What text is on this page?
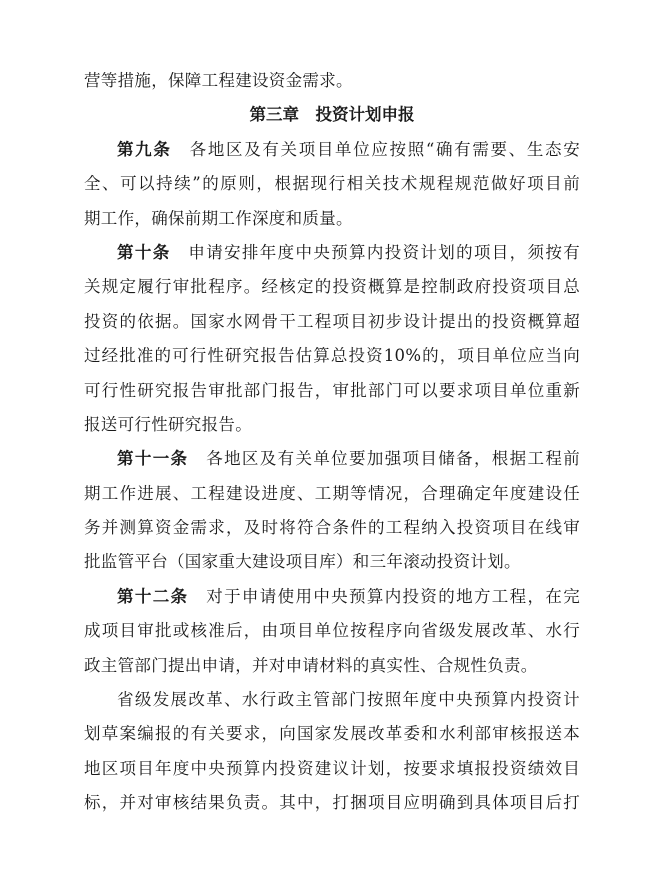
营等措施，保障工程建设资金需求。
第三章　投资计划申报
第九条　各地区及有关项目单位应按照“确有需要、生态安
全、可以持续”的原则，根据现行相关技术规程规范做好项目前
期工作，确保前期工作深度和质量。
第十条　申请安排年度中央预算内投资计划的项目，须按有
关规定履行审批程序。经核定的投资概算是控制政府投资项目总
投资的依据。国家水网骨干工程项目初步设计提出的投资概算超
过经批准的可行性研究报告估算总投资10%的，项目单位应当向
可行性研究报告审批部门报告，审批部门可以要求项目单位重新
报送可行性研究报告。
第十一条　各地区及有关单位要加强项目储备，根据工程前
期工作进展、工程建设进度、工期等情况，合理确定年度建设任
务并测算资金需求，及时将符合条件的工程纳入投资项目在线审
批监管平台（国家重大建设项目库）和三年滚动投资计划。
第十二条　对于申请使用中央预算内投资的地方工程，在完
成项目审批或核准后，由项目单位按程序向省级发展改革、水行
政主管部门提出申请，并对申请材料的真实性、合规性负责。
省级发展改革、水行政主管部门按照年度中央预算内投资计
划草案编报的有关要求，向国家发展改革委和水利部审核报送本
地区项目年度中央预算内投资建议计划，按要求填报投资绩效目
标，并对审核结果负责。其中，打捆项目应明确到具体项目后打
